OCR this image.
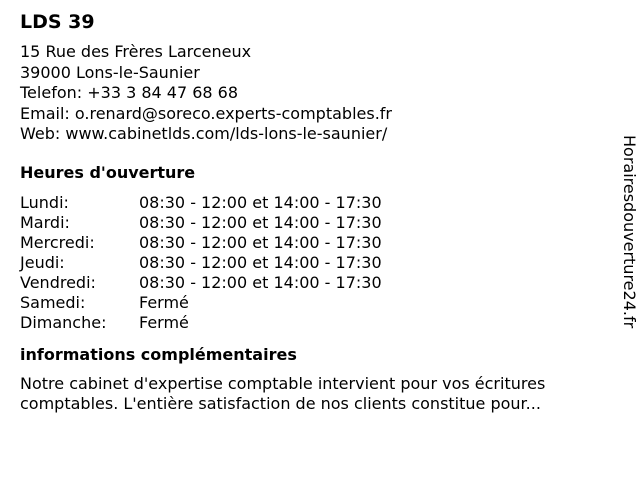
LDS 39
15 Rue des Frères Larceneux
39000 Lons-le-Saunier
Telefon: +33 3 84 47 68 68
Email: o.renard@soreco.experts-comptables.fr
Web: www.cabinetlds.com/lds-lons-le-saunier/
Heures d'ouverture
Lundi:	08:30 - 12:00 et 14:00 - 17:30
Mardi:	08:30 - 12:00 et 14:00 - 17:30
Mercredi:	08:30 - 12:00 et 14:00 - 17:30
Jeudi:	08:30 - 12:00 et 14:00 - 17:30
Vendredi:	08:30 - 12:00 et 14:00 - 17:30
Samedi:	Fermé
Dimanche:	Fermé
informations complémentaires
Notre cabinet d'expertise comptable intervient pour vos écritures comptables. L'entière satisfaction de nos clients constitue pour...
Horairesdouverture24.fr
